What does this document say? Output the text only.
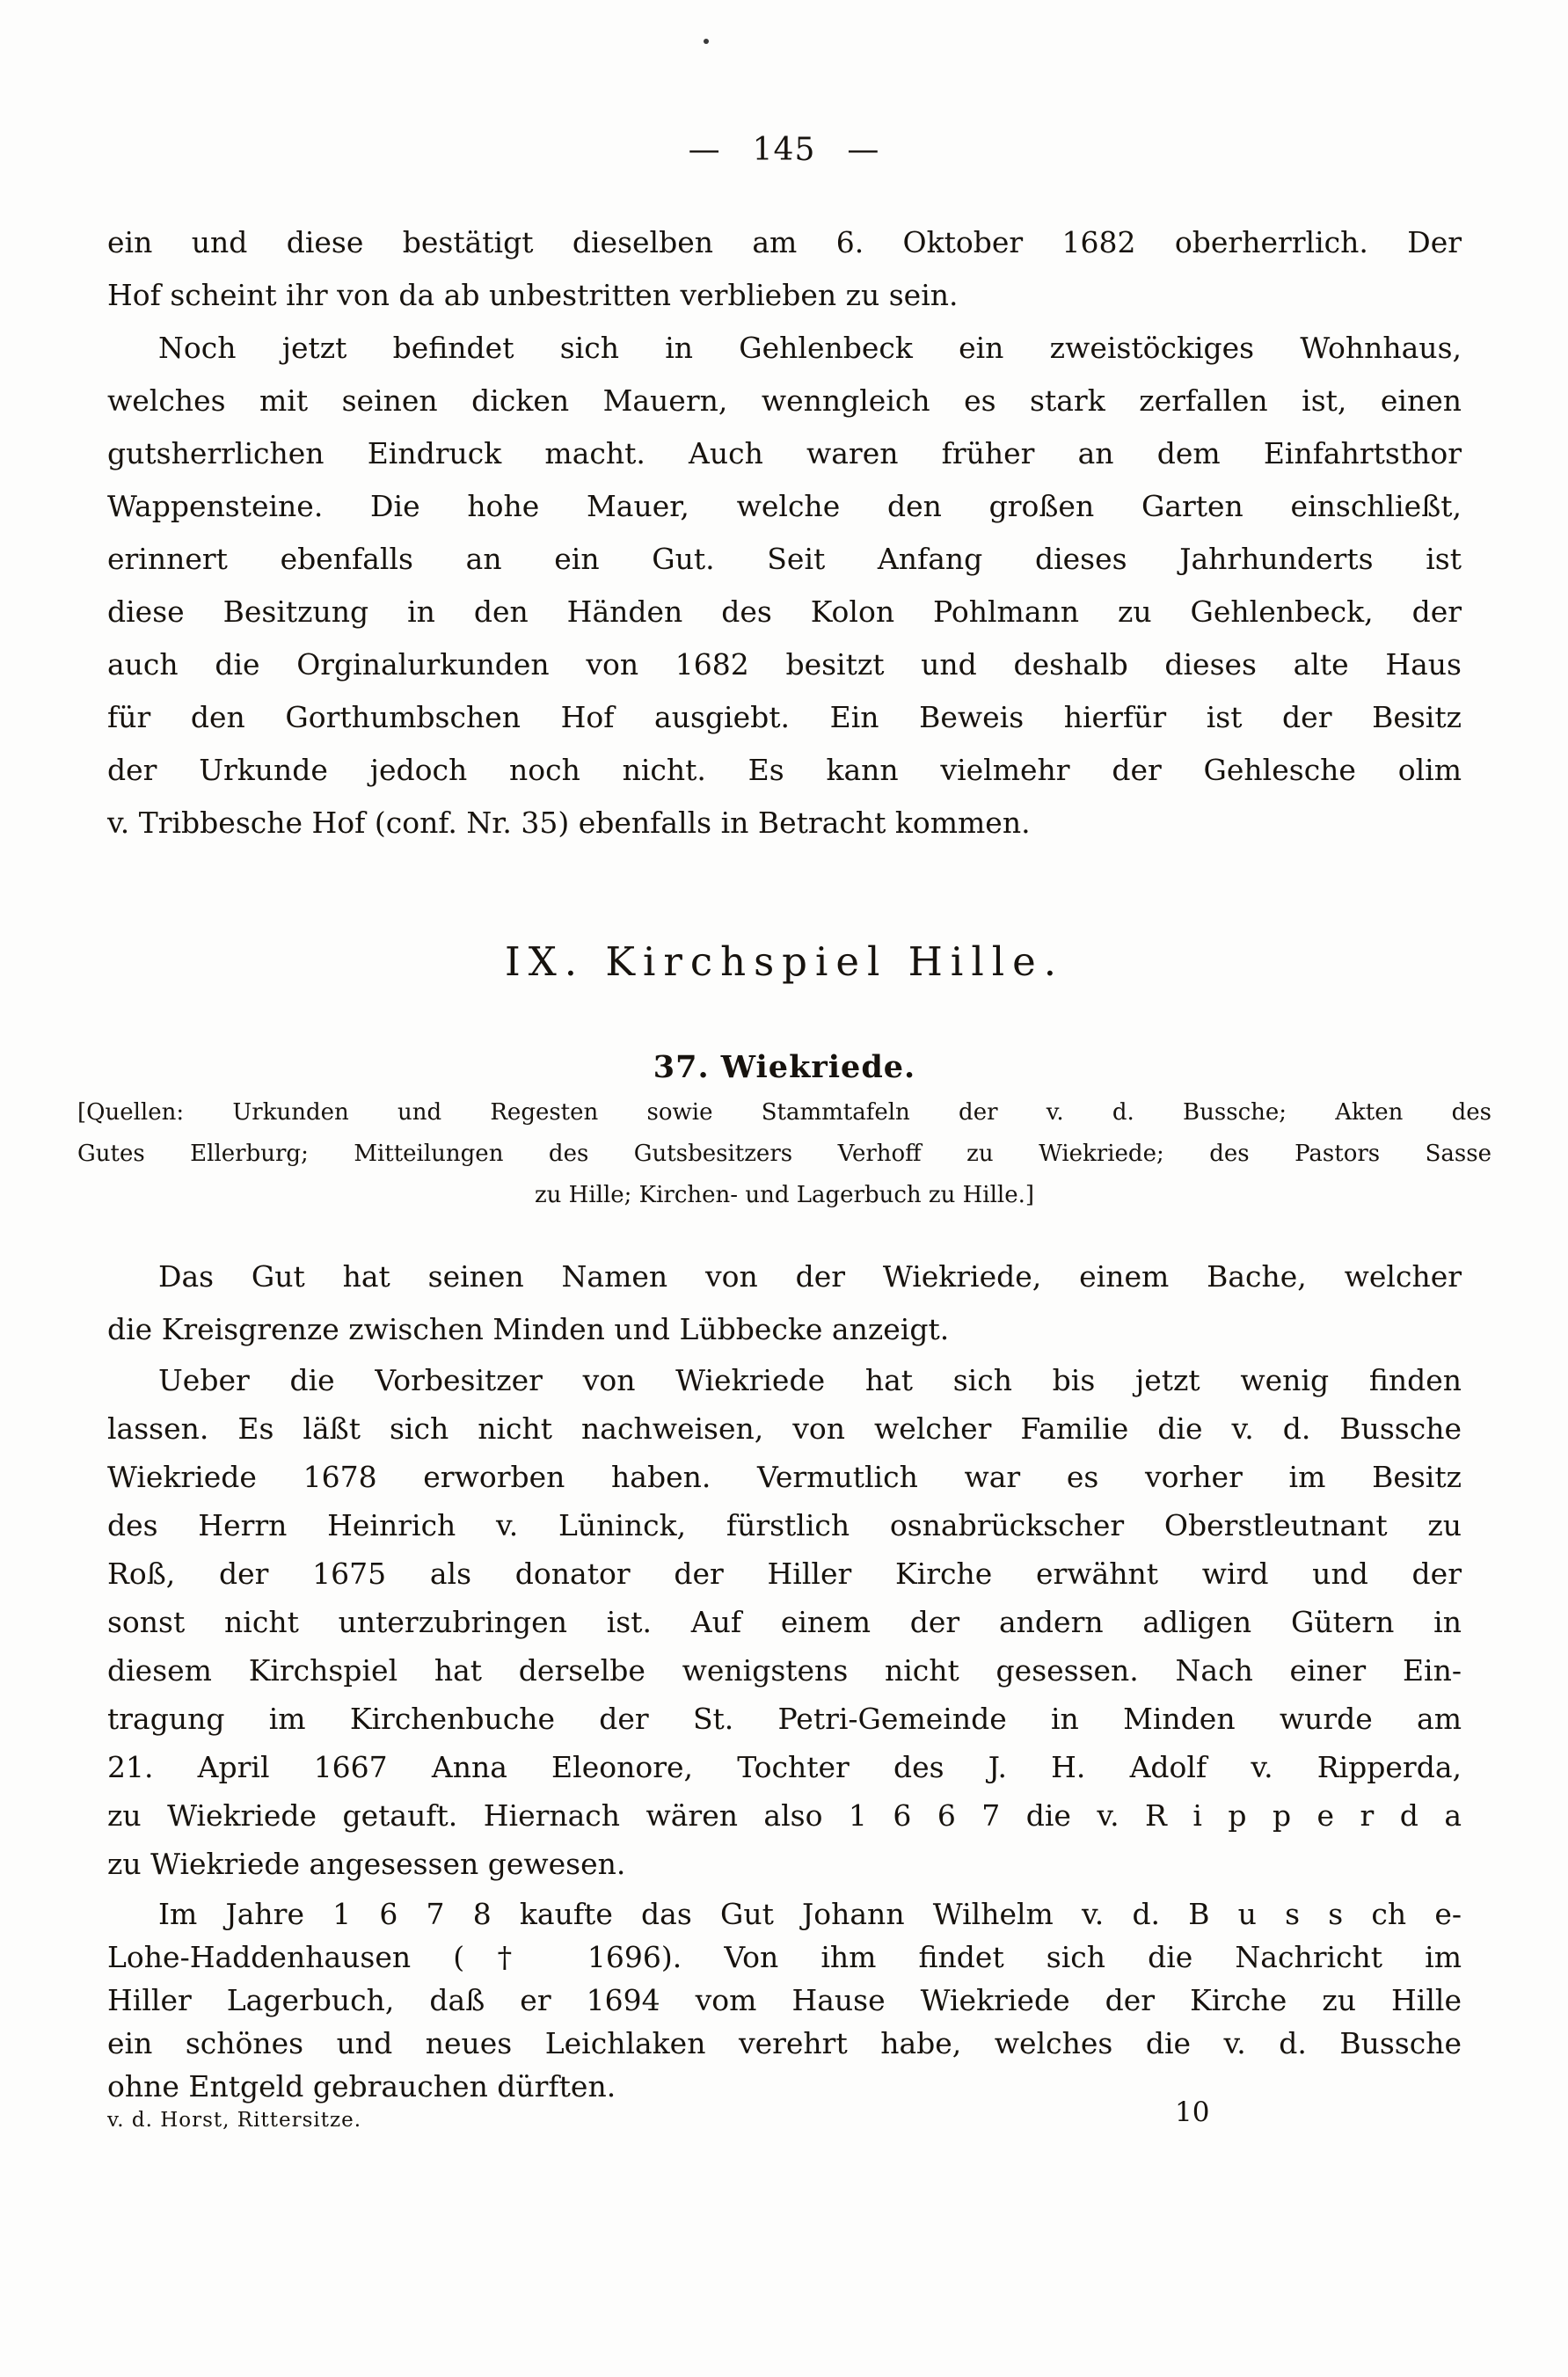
— 145 —
ein und diese bestätigt dieselben am 6. Oktober 1682 oberherrlich. Der
Hof scheint ihr von da ab unbestritten verblieben zu sein.
Noch jetzt befindet sich in Gehlenbeck ein zweistöckiges Wohnhaus,
welches mit seinen dicken Mauern, wenngleich es stark zerfallen ist, einen
gutsherrlichen Eindruck macht. Auch waren früher an dem Einfahrtsthor
Wappensteine. Die hohe Mauer, welche den großen Garten einschließt,
erinnert ebenfalls an ein Gut. Seit Anfang dieses Jahrhunderts ist
diese Besitzung in den Händen des Kolon Pohlmann zu Gehlenbeck, der
auch die Orginalurkunden von 1682 besitzt und deshalb dieses alte Haus
für den Gorthumbschen Hof ausgiebt. Ein Beweis hierfür ist der Besitz
der Urkunde jedoch noch nicht. Es kann vielmehr der Gehlesche olim
v. Tribbesche Hof (conf. Nr. 35) ebenfalls in Betracht kommen.
IX. Kirchspiel Hille.
37. Wiekriede.
[Quellen: Urkunden und Regesten sowie Stammtafeln der v. d. Bussche; Akten des
Gutes Ellerburg; Mitteilungen des Gutsbesitzers Verhoff zu Wiekriede; des Pastors Sasse
zu Hille; Kirchen- und Lagerbuch zu Hille.]
Das Gut hat seinen Namen von der Wiekriede, einem Bache, welcher
die Kreisgrenze zwischen Minden und Lübbecke anzeigt.
Ueber die Vorbesitzer von Wiekriede hat sich bis jetzt wenig finden
lassen. Es läßt sich nicht nachweisen, von welcher Familie die v. d. Bussche
Wiekriede 1678 erworben haben. Vermutlich war es vorher im Besitz
des Herrn Heinrich v. Lüninck, fürstlich osnabrückscher Oberstleutnant zu
Roß, der 1675 als donator der Hiller Kirche erwähnt wird und der
sonst nicht unterzubringen ist. Auf einem der andern adligen Gütern in
diesem Kirchspiel hat derselbe wenigstens nicht gesessen. Nach einer Ein-
tragung im Kirchenbuche der St. Petri-Gemeinde in Minden wurde am
21. April 1667 Anna Eleonore, Tochter des J. H. Adolf v. Ripperda,
zu Wiekriede getauft. Hiernach wären also 1 6 6 7 die v. R i p p e r d a
zu Wiekriede angesessen gewesen.
Im Jahre 1 6 7 8 kaufte das Gut Johann Wilhelm v. d. B u s s ch e-
Lohe-Haddenhausen († 1696). Von ihm findet sich die Nachricht im
Hiller Lagerbuch, daß er 1694 vom Hause Wiekriede der Kirche zu Hille
ein schönes und neues Leichlaken verehrt habe, welches die v. d. Bussche
ohne Entgeld gebrauchen dürften.
v. d. Horst, Rittersitze.	10
